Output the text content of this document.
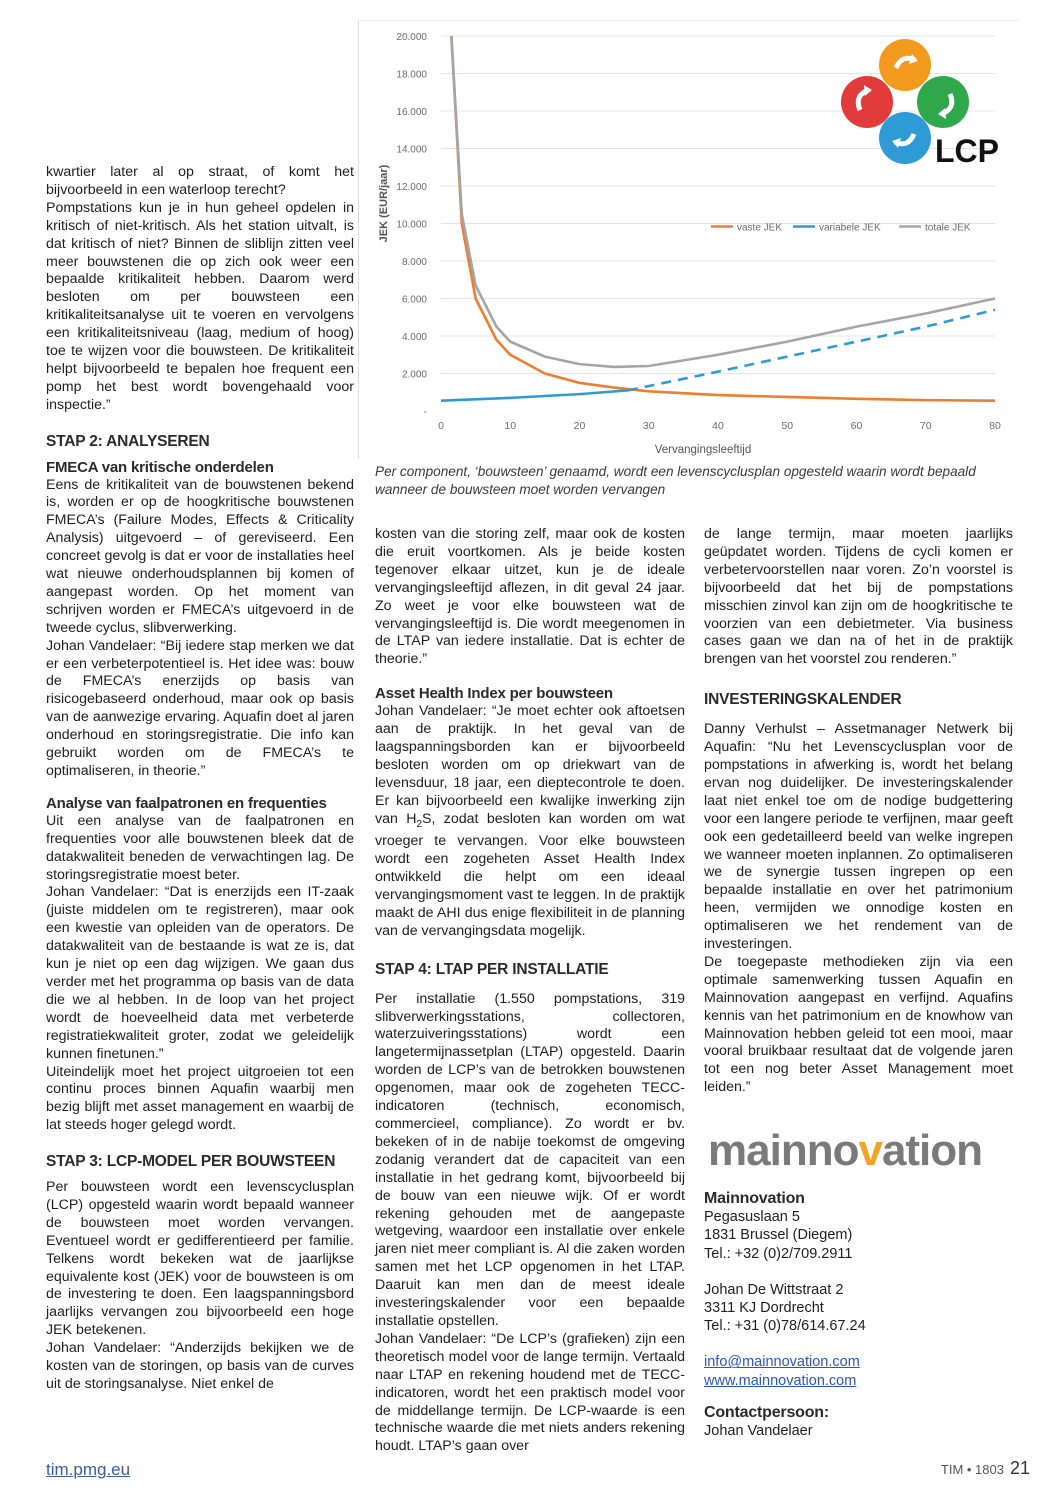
kwartier later al op straat, of komt het bijvoorbeeld in een waterloop terecht?

Pompstations kun je in hun geheel opdelen in kritisch of niet-kritisch. Als het station uitvalt, is dat kritisch of niet? Binnen de sliblijn zitten veel meer bouwstenen die op zich ook weer een bepaalde kritikaliteit hebben. Daarom werd besloten om per bouwsteen een kritikaliteitsanalyse uit te voeren en vervolgens een kritikaliteitsniveau (laag, medium of hoog) toe te wijzen voor die bouwsteen. De kritikaliteit helpt bijvoorbeeld te bepalen hoe frequent een pomp het best wordt bovengehaald voor inspectie.”

STAP 2: ANALYSEREN

FMECA van kritische onderdelen

Eens de kritikaliteit van de bouwstenen bekend is, worden er op de hoogkritische bouwstenen FMECA’s (Failure Modes, Effects & Criticality Analysis) uitgevoerd – of gereviseerd. Een concreet gevolg is dat er voor de installaties heel wat nieuwe onderhoudsplannen bij komen of aangepast worden. Op het moment van schrijven worden er FMECA’s uitgevoerd in de tweede cyclus, slibverwerking.

Johan Vandelaer: “Bij iedere stap merken we dat er een verbeterpotentieel is. Het idee was: bouw de FMECA’s enerzijds op basis van risicogebaseerd onderhoud, maar ook op basis van de aanwezige ervaring. Aquafin doet al jaren onderhoud en storingsregistratie. Die info kan gebruikt worden om de FMECA’s te optimaliseren, in theorie.”

Analyse van faalpatronen en frequenties

Uit een analyse van de faalpatronen en frequenties voor alle bouwstenen bleek dat de datakwaliteit beneden de verwachtingen lag. De storingsregistratie moest beter.

Johan Vandelaer: “Dat is enerzijds een IT-zaak (juiste middelen om te registreren), maar ook een kwestie van opleiden van de operators. De datakwaliteit van de bestaande is wat ze is, dat kun je niet op een dag wijzigen. We gaan dus verder met het programma op basis van de data die we al hebben. In de loop van het project wordt de hoeveelheid data met verbeterde registratiekwaliteit groter, zodat we geleidelijk kunnen finetunen.”

Uiteindelijk moet het project uitgroeien tot een continu proces binnen Aquafin waarbij men bezig blijft met asset management en waarbij de lat steeds hoger gelegd wordt.

STAP 3: LCP-MODEL PER BOUWSTEEN

Per bouwsteen wordt een levenscyclusplan (LCP) opgesteld waarin wordt bepaald wanneer de bouwsteen moet worden vervangen. Eventueel wordt er gedifferentieerd per familie. Telkens wordt bekeken wat de jaarlijkse equivalente kost (JEK) voor de bouwsteen is om de investering te doen. Een laagspanningsbord jaarlijks vervangen zou bijvoorbeeld een hoge JEK betekenen.

Johan Vandelaer: “Anderzijds bekijken we de kosten van de storingen, op basis van de curves uit de storingsanalyse. Niet enkel de

-
2.000
4.000
6.000
8.000
10.000
12.000
14.000
16.000
18.000
20.000
0	10	20	30	40	50	60	70	80
Vervangingsleeftijd
JEK (EUR/jaar)	vaste JEK	variabele JEK	totale JEK
LCP

Per component, ‘bouwsteen’ genaamd, wordt een levenscyclusplan opgesteld waarin wordt bepaald wanneer de bouwsteen moet worden vervangen

kosten van die storing zelf, maar ook de kosten die eruit voortkomen. Als je beide kosten tegenover elkaar uitzet, kun je de ideale vervangingsleeftijd aflezen, in dit geval 24 jaar. Zo weet je voor elke bouwsteen wat de vervangingsleeftijd is. Die wordt meegenomen in de LTAP van iedere installatie. Dat is echter de theorie.”

Asset Health Index per bouwsteen

Johan Vandelaer: “Je moet echter ook aftoetsen aan de praktijk. In het geval van de laagspanningsborden kan er bijvoorbeeld besloten worden om op driekwart van de levensduur, 18 jaar, een dieptecontrole te doen. Er kan bijvoorbeeld een kwalijke inwerking zijn van $H_2S$, zodat besloten kan worden om wat vroeger te vervangen. Voor elke bouwsteen wordt een zogeheten Asset Health Index ontwikkeld die helpt om een ideaal vervangingsmoment vast te leggen. In de praktijk maakt de AHI dus enige flexibiliteit in de planning van de vervangingsdata mogelijk.

STAP 4: LTAP PER INSTALLATIE

Per installatie (1.550 pompstations, 319 slibverwerkingsstations, collectoren, waterzuiveringsstations) wordt een langetermijnassetplan (LTAP) opgesteld. Daarin worden de LCP’s van de betrokken bouwstenen opgenomen, maar ook de zogeheten TECC-indicatoren (technisch, economisch, commercieel, compliance). Zo wordt er bv. bekeken of in de nabije toekomst de omgeving zodanig verandert dat de capaciteit van een installatie in het gedrang komt, bijvoorbeeld bij de bouw van een nieuwe wijk. Of er wordt rekening gehouden met de aangepaste wetgeving, waardoor een installatie over enkele jaren niet meer compliant is. Al die zaken worden samen met het LCP opgenomen in het LTAP. Daaruit kan men dan de meest ideale investeringskalender voor een bepaalde installatie opstellen.

Johan Vandelaer: “De LCP’s (grafieken) zijn een theoretisch model voor de lange termijn. Vertaald naar LTAP en rekening houdend met de TECC-indicatoren, wordt het een praktisch model voor de middellange termijn. De LCP-waarde is een technische waarde die met niets anders rekening houdt. LTAP’s gaan over

de lange termijn, maar moeten jaarlijks geüpdatet worden. Tijdens de cycli komen er verbetervoorstellen naar voren. Zo’n voorstel is bijvoorbeeld dat het bij de pompstations misschien zinvol kan zijn om de hoogkritische te voorzien van een debietmeter. Via business cases gaan we dan na of het in de praktijk brengen van het voorstel zou renderen.”

INVESTERINGSKALENDER

Danny Verhulst – Assetmanager Netwerk bij Aquafin: “Nu het Levenscyclusplan voor de pompstations in afwerking is, wordt het belang ervan nog duidelijker. De investeringskalender laat niet enkel toe om de nodige budgettering voor een langere periode te verfijnen, maar geeft ook een gedetailleerd beeld van welke ingrepen we wanneer moeten inplannen. Zo optimaliseren we de synergie tussen ingrepen op een bepaalde installatie en over het patrimonium heen, vermijden we onnodige kosten en optimaliseren we het rendement van de investeringen.

De toegepaste methodieken zijn via een optimale samenwerking tussen Aquafin en Mainnovation aangepast en verfijnd. Aquafins kennis van het patrimonium en de knowhow van Mainnovation hebben geleid tot een mooi, maar vooral bruikbaar resultaat dat de volgende jaren tot een nog beter Asset Management moet leiden.”

mainnovation

Mainnovation

Pegasuslaan 5

1831 Brussel (Diegem)

Tel.: +32 (0)2/709.2911

Johan De Wittstraat 2

3311 KJ Dordrecht

Tel.: +31 (0)78/614.67.24

info@mainnovation.com

www.mainnovation.com

Contactpersoon:

Johan Vandelaer

tim.pmg.eu	TIM • 1803 21
